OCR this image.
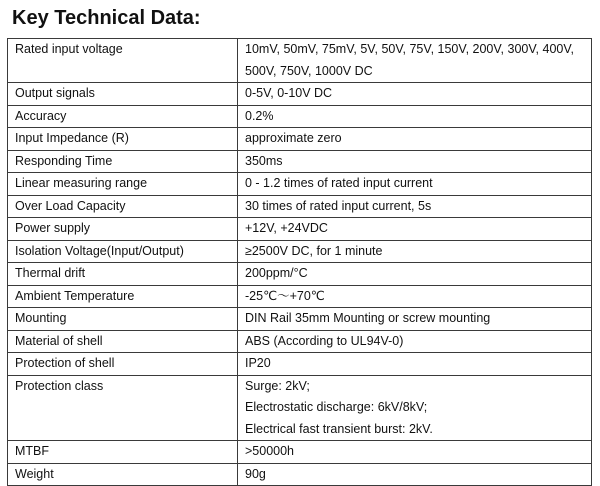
Key Technical Data:
Rated input voltage	10mV, 50mV, 75mV, 5V, 50V, 75V, 150V, 200V, 300V, 400V,
500V, 750V, 1000V DC

Output signals	0-5V, 0-10V DC

Accuracy	0.2%

Input Impedance (R)	approximate zero

Responding Time	350ms

Linear measuring range	0 - 1.2 times of rated input current

Over Load Capacity	30 times of rated input current, 5s

Power supply	+12V, +24VDC

Isolation Voltage(Input/Output)	≥2500V DC, for 1 minute

Thermal drift	200ppm/°C

Ambient Temperature	-25℃～+70℃

Mounting	DIN Rail 35mm Mounting or screw mounting

Material of shell	ABS (According to UL94V-0)

Protection of shell	IP20

Protection class	Surge: 2kV;
Electrostatic discharge: 6kV/8kV;
Electrical fast transient burst: 2kV.

MTBF	>50000h

Weight	90g
